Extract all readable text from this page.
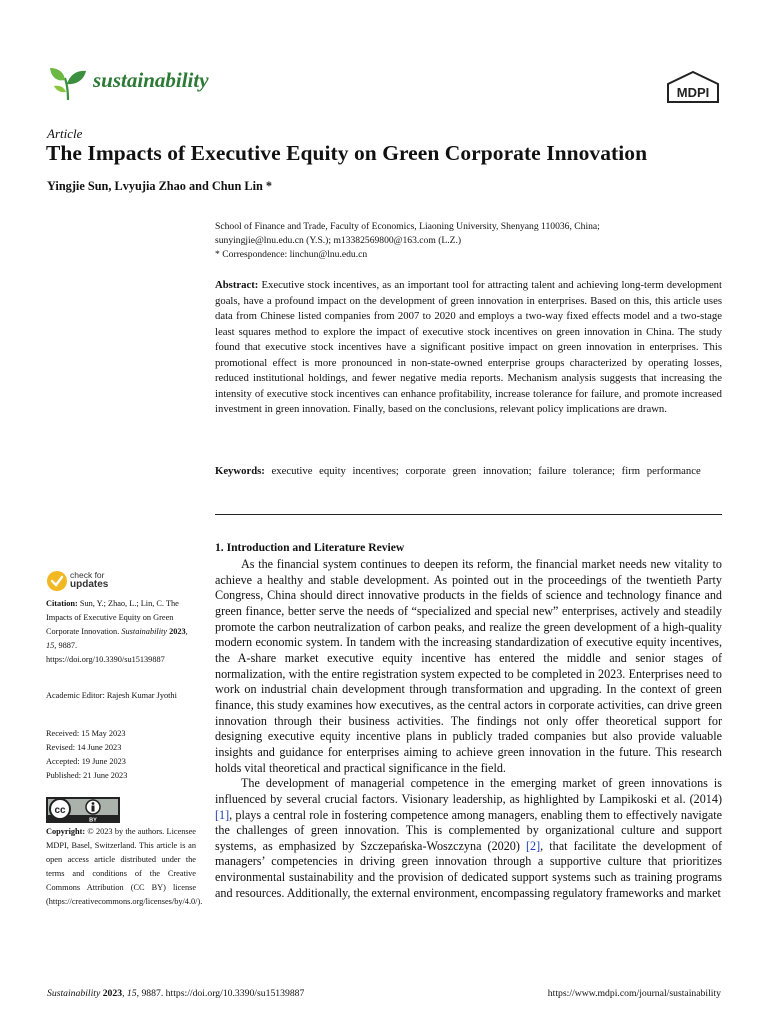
sustainability
MDPI
Article
The Impacts of Executive Equity on Green Corporate Innovation
Yingjie Sun, Lvyujia Zhao and Chun Lin *
School of Finance and Trade, Faculty of Economics, Liaoning University, Shenyang 110036, China;
sunyingjie@lnu.edu.cn (Y.S.); m13382569800@163.com (L.Z.)
* Correspondence: linchun@lnu.edu.cn
Abstract: Executive stock incentives, as an important tool for attracting talent and achieving long-term development goals, have a profound impact on the development of green innovation in enterprises. Based on this, this article uses data from Chinese listed companies from 2007 to 2020 and employs a two-way fixed effects model and a two-stage least squares method to explore the impact of executive stock incentives on green innovation in China. The study found that executive stock incentives have a significant positive impact on green innovation in enterprises. This promotional effect is more pronounced in non-state-owned enterprise groups characterized by operating losses, reduced institutional holdings, and fewer negative media reports. Mechanism analysis suggests that increasing the intensity of executive stock incentives can enhance profitability, increase tolerance for failure, and promote increased investment in green innovation. Finally, based on the conclusions, relevant policy implications are drawn.
Keywords: executive equity incentives; corporate green innovation; failure tolerance; firm performance
1. Introduction and Literature Review

As the financial system continues to deepen its reform, the financial market needs new vitality to achieve a healthy and stable development. As pointed out in the proceedings of the twentieth Party Congress, China should direct innovative products in the fields of science and technology finance and green finance, better serve the needs of “specialized and special new” enterprises, actively and steadily promote the carbon neutralization of carbon peaks, and realize the green development of a high-quality modern economic system. In tandem with the increasing standardization of executive equity incentives, the A-share market executive equity incentive has entered the middle and senior stages of normalization, with the entire registration system expected to be completed in 2023. Enterprises need to work on industrial chain development through transformation and upgrading. In the context of green finance, this study examines how executives, as the central actors in corporate activities, can drive green innovation through their business activities. The findings not only offer theoretical support for designing executive equity incentive plans in publicly traded companies but also provide valuable insights and guidance for enterprises aiming to achieve green innovation in the future. This research holds vital theoretical and practical significance in the field.

The development of managerial competence in the emerging market of green innovations is influenced by several crucial factors. Visionary leadership, as highlighted by Lampikoski et al. (2014) [1], plays a central role in fostering competence among managers, enabling them to effectively navigate the challenges of green innovation. This is complemented by organizational culture and support systems, as emphasized by Szczepańska-Woszczyna (2020) [2], that facilitate the development of managers’ competencies in driving green innovation through a supportive culture that prioritizes environmental sustainability and the provision of dedicated support systems such as training programs and resources. Additionally, the external environment, encompassing regulatory frameworks and market

check for
updates
Citation: Sun, Y.; Zhao, L.; Lin, C. The Impacts of Executive Equity on Green Corporate Innovation. Sustainability 2023, 15, 9887. https://doi.org/10.3390/su15139887
Academic Editor: Rajesh Kumar Jyothi
Received: 15 May 2023
Revised: 14 June 2023
Accepted: 19 June 2023
Published: 21 June 2023
cc
BY
Copyright: © 2023 by the authors. Licensee MDPI, Basel, Switzerland. This article is an open access article distributed under the terms and conditions of the Creative Commons Attribution (CC BY) license (https://creativecommons.org/licenses/by/4.0/).
Sustainability 2023, 15, 9887. https://doi.org/10.3390/su15139887	https://www.mdpi.com/journal/sustainability
